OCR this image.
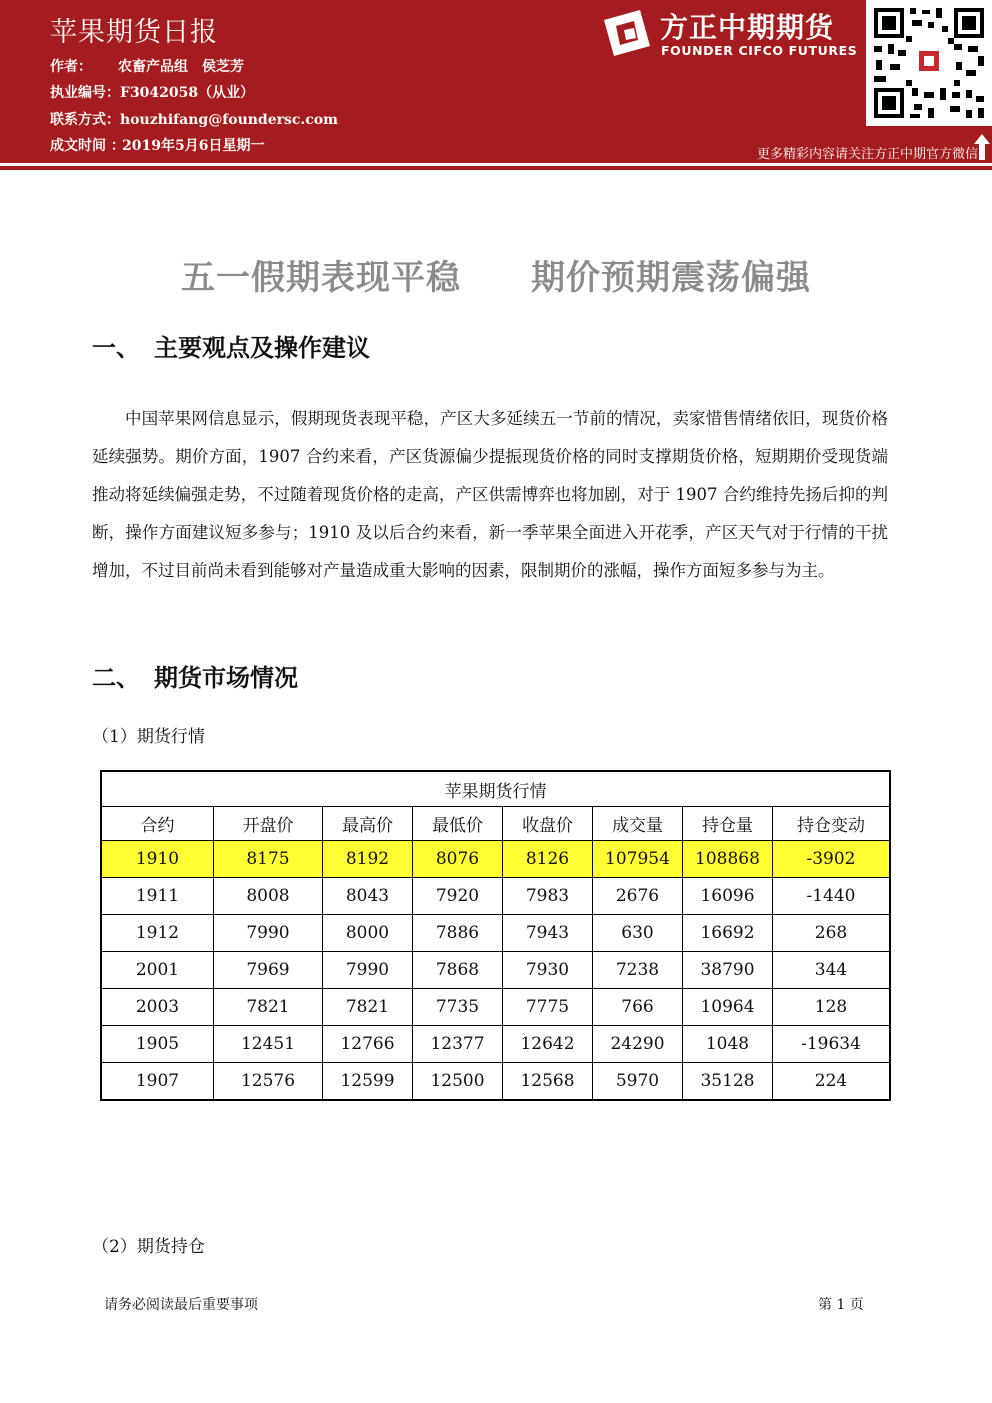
苹果期货日报
作者： 农畜产品组　侯芝芳
执业编号：F3042058（从业）
联系方式：houzhifang@foundersc.com
成文时间 ：2019年5月6日星期一
方正中期期货
FOUNDER CIFCO FUTURES
更多精彩内容请关注方正中期官方微信
五一假期表现平稳 期价预期震荡偏强
一、 主要观点及操作建议
中国苹果网信息显示，假期现货表现平稳，产区大多延续五一节前的情况，卖家惜售情绪依旧，现货价格延续强势。期价方面，1907 合约来看，产区货源偏少提振现货价格的同时支撑期货价格，短期期价受现货端推动将延续偏强走势，不过随着现货价格的走高，产区供需博弈也将加剧，对于 1907 合约维持先扬后抑的判断，操作方面建议短多参与；1910 及以后合约来看，新一季苹果全面进入开花季，产区天气对于行情的干扰增加，不过目前尚未看到能够对产量造成重大影响的因素，限制期价的涨幅，操作方面短多参与为主。
二、 期货市场情况
（1）期货行情
苹果期货行情							
合约	开盘价	最高价	最低价	收盘价	成交量	持仓量	持仓变动
1910	8175	8192	8076	8126	107954	108868	-3902
1911	8008	8043	7920	7983	2676	16096	-1440
1912	7990	8000	7886	7943	630	16692	268
2001	7969	7990	7868	7930	7238	38790	344
2003	7821	7821	7735	7775	766	10964	128
1905	12451	12766	12377	12642	24290	1048	-19634
1907	12576	12599	12500	12568	5970	35128	224
（2）期货持仓
请务必阅读最后重要事项	第 1 页
